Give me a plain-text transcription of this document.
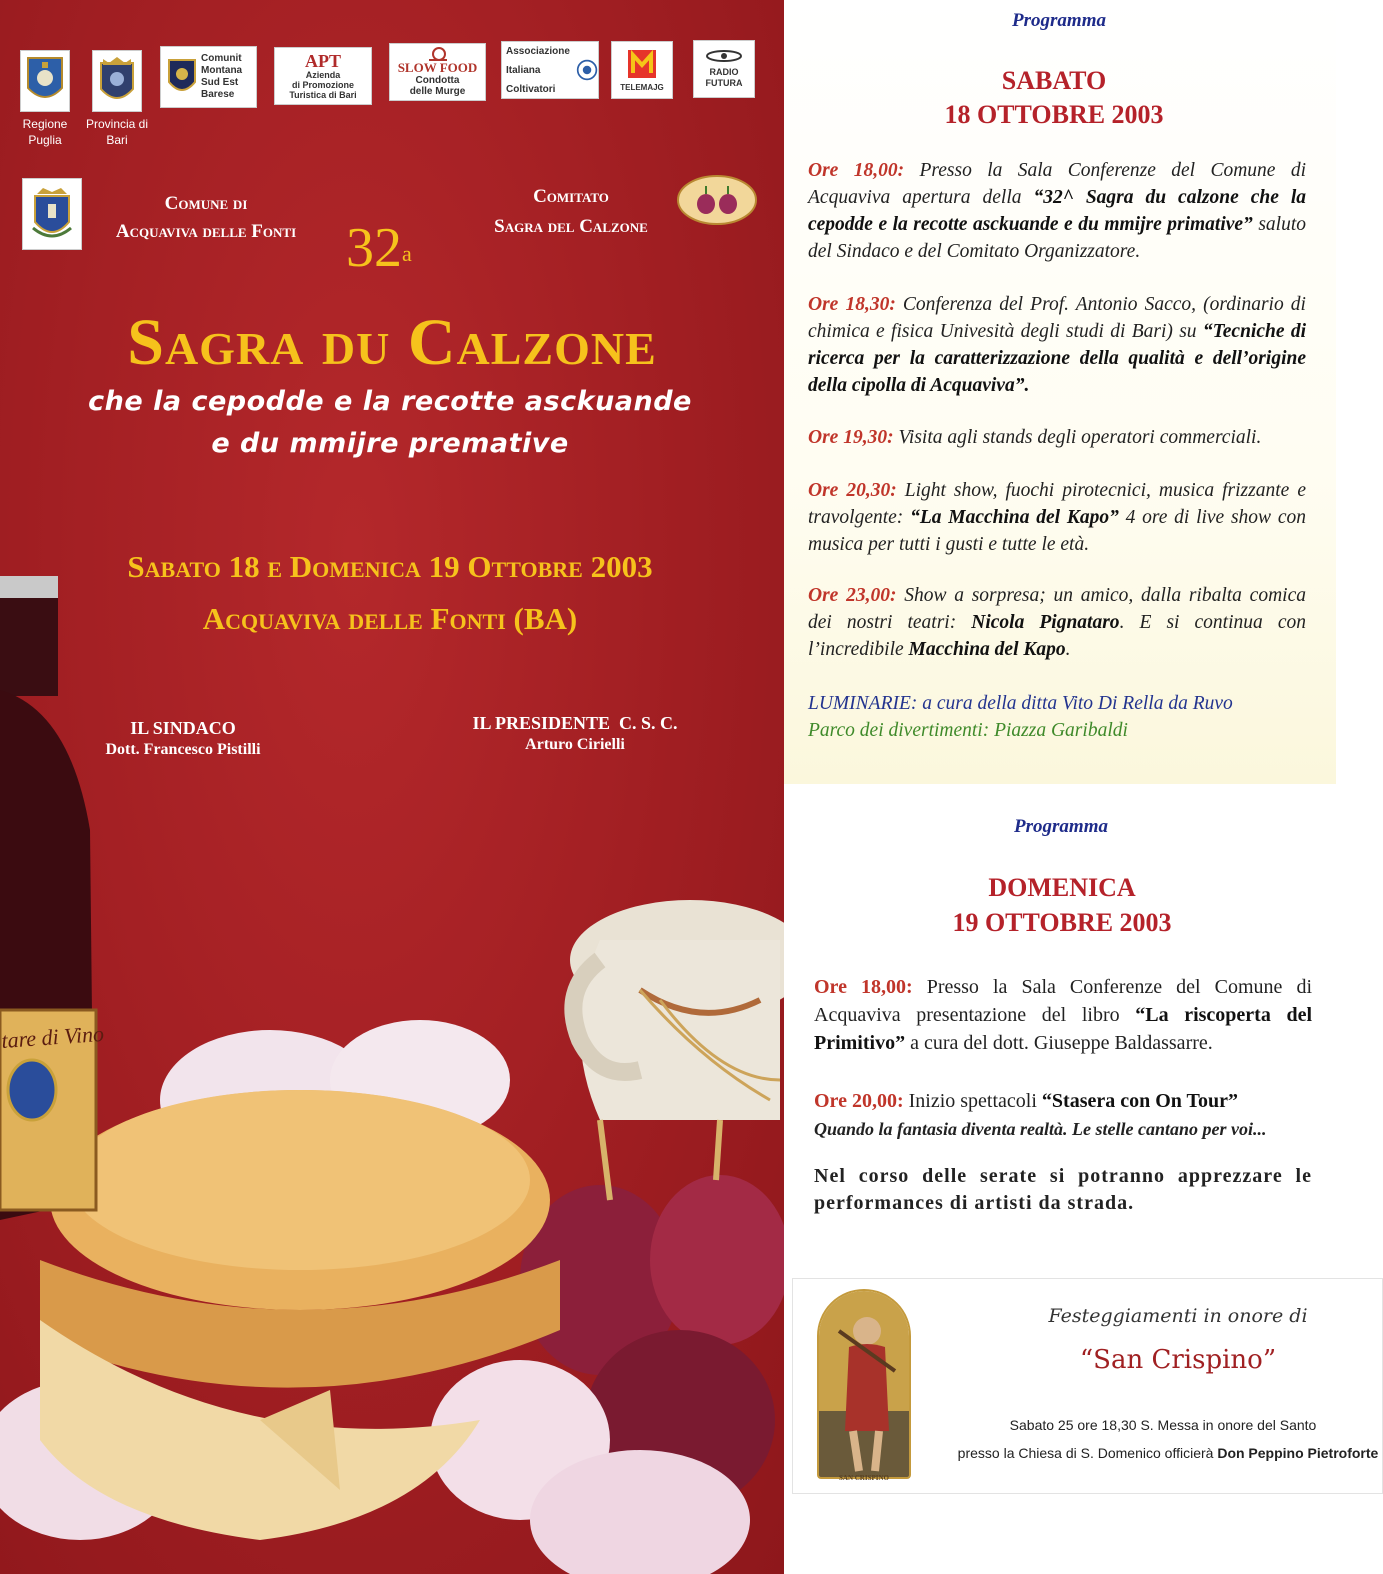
Regione Puglia
Provincia di Bari
Comunit
Montana
Sud Est
Barese
APT
Azienda
di Promozione
Turistica di Bari
SLOW FOOD
Condotta
delle Murge
Associazione
Italiana
Coltivatori	TELEMAJG
RADIO
FUTURA
Comune di
Acquaviva delle Fonti
Comitato
Sagra del Calzone
32$^a$
Sagra du Calzone
che la cepodde e la recotte asckuande
e du mmijre premative
Sabato 18 e Domenica 19 Ottobre 2003
Acquaviva delle Fonti (BA)
tare di Vino
IL SINDACO
Dott. Francesco Pistilli
IL PRESIDENTE  C. S. C.
Arturo Cirielli
Programma
SABATO
18 OTTOBRE 2003
Ore 18,00: Presso la Sala Conferenze del Comune di Acquaviva apertura della “32^ Sagra du calzone che la cepodde e la recotte asckuande e du mmijre primative” saluto del Sindaco e del Comitato Organizzatore.
Ore 18,30: Conferenza del Prof. Antonio Sacco, (ordinario di chimica e fisica Univesità degli studi di Bari) su “Tecniche di ricerca per la caratterizzazione della qualità e dell’origine della cipolla di Acquaviva”.
Ore 19,30: Visita agli stands degli operatori commerciali.
Ore 20,30: Light show, fuochi pirotecnici, musica frizzante e travolgente: “La Macchina del Kapo” 4 ore di live show con musica per tutti i gusti e tutte le età.
Ore 23,00: Show a sorpresa; un amico, dalla ribalta comica dei nostri teatri: Nicola Pignataro. E si continua con l’incredibile Macchina del Kapo.
LUMINARIE: a cura della ditta Vito Di Rella da Ruvo
Parco dei divertimenti: Piazza Garibaldi
Programma
DOMENICA
19 OTTOBRE 2003
Ore 18,00: Presso la Sala Conferenze del Comune di Acquaviva presentazione del libro “La riscoperta del Primitivo” a cura del dott. Giuseppe Baldassarre.
Ore 20,00: Inizio spettacoli “Stasera con On Tour”
Quando la fantasia diventa realtà. Le stelle cantano per voi...
Nel corso delle serate si potranno apprezzare le performances di artisti da strada.
SAN CRISPINO
Festeggiamenti in onore di
“San Crispino”
Sabato 25 ore 18,30 S. Messa in onore del Santo
presso la Chiesa di S. Domenico officierà Don Peppino Pietroforte
